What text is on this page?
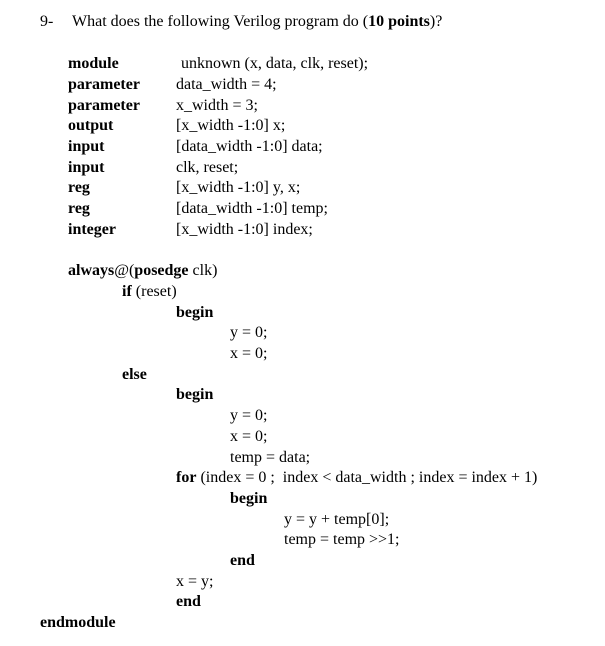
9- What does the following Verilog program do (10 points)?
module	unknown (x, data, clk, reset);
parameter data_width = 4;
parameter x_width = 3;
output	[x_width -1:0] x;
input	[data_width -1:0] data;
input	clk, reset;
reg	[x_width -1:0] y, x;
reg	[data_width -1:0] temp;
integer	[x_width -1:0] index;
always@(posedge clk)
if (reset)
begin
y = 0;
x = 0;
else
begin
y = 0;
x = 0;
temp = data;
for (index = 0 ;  index < data_width ; index = index + 1)
begin
y = y + temp[0];
temp = temp >>1;
end
x = y;
end
endmodule
